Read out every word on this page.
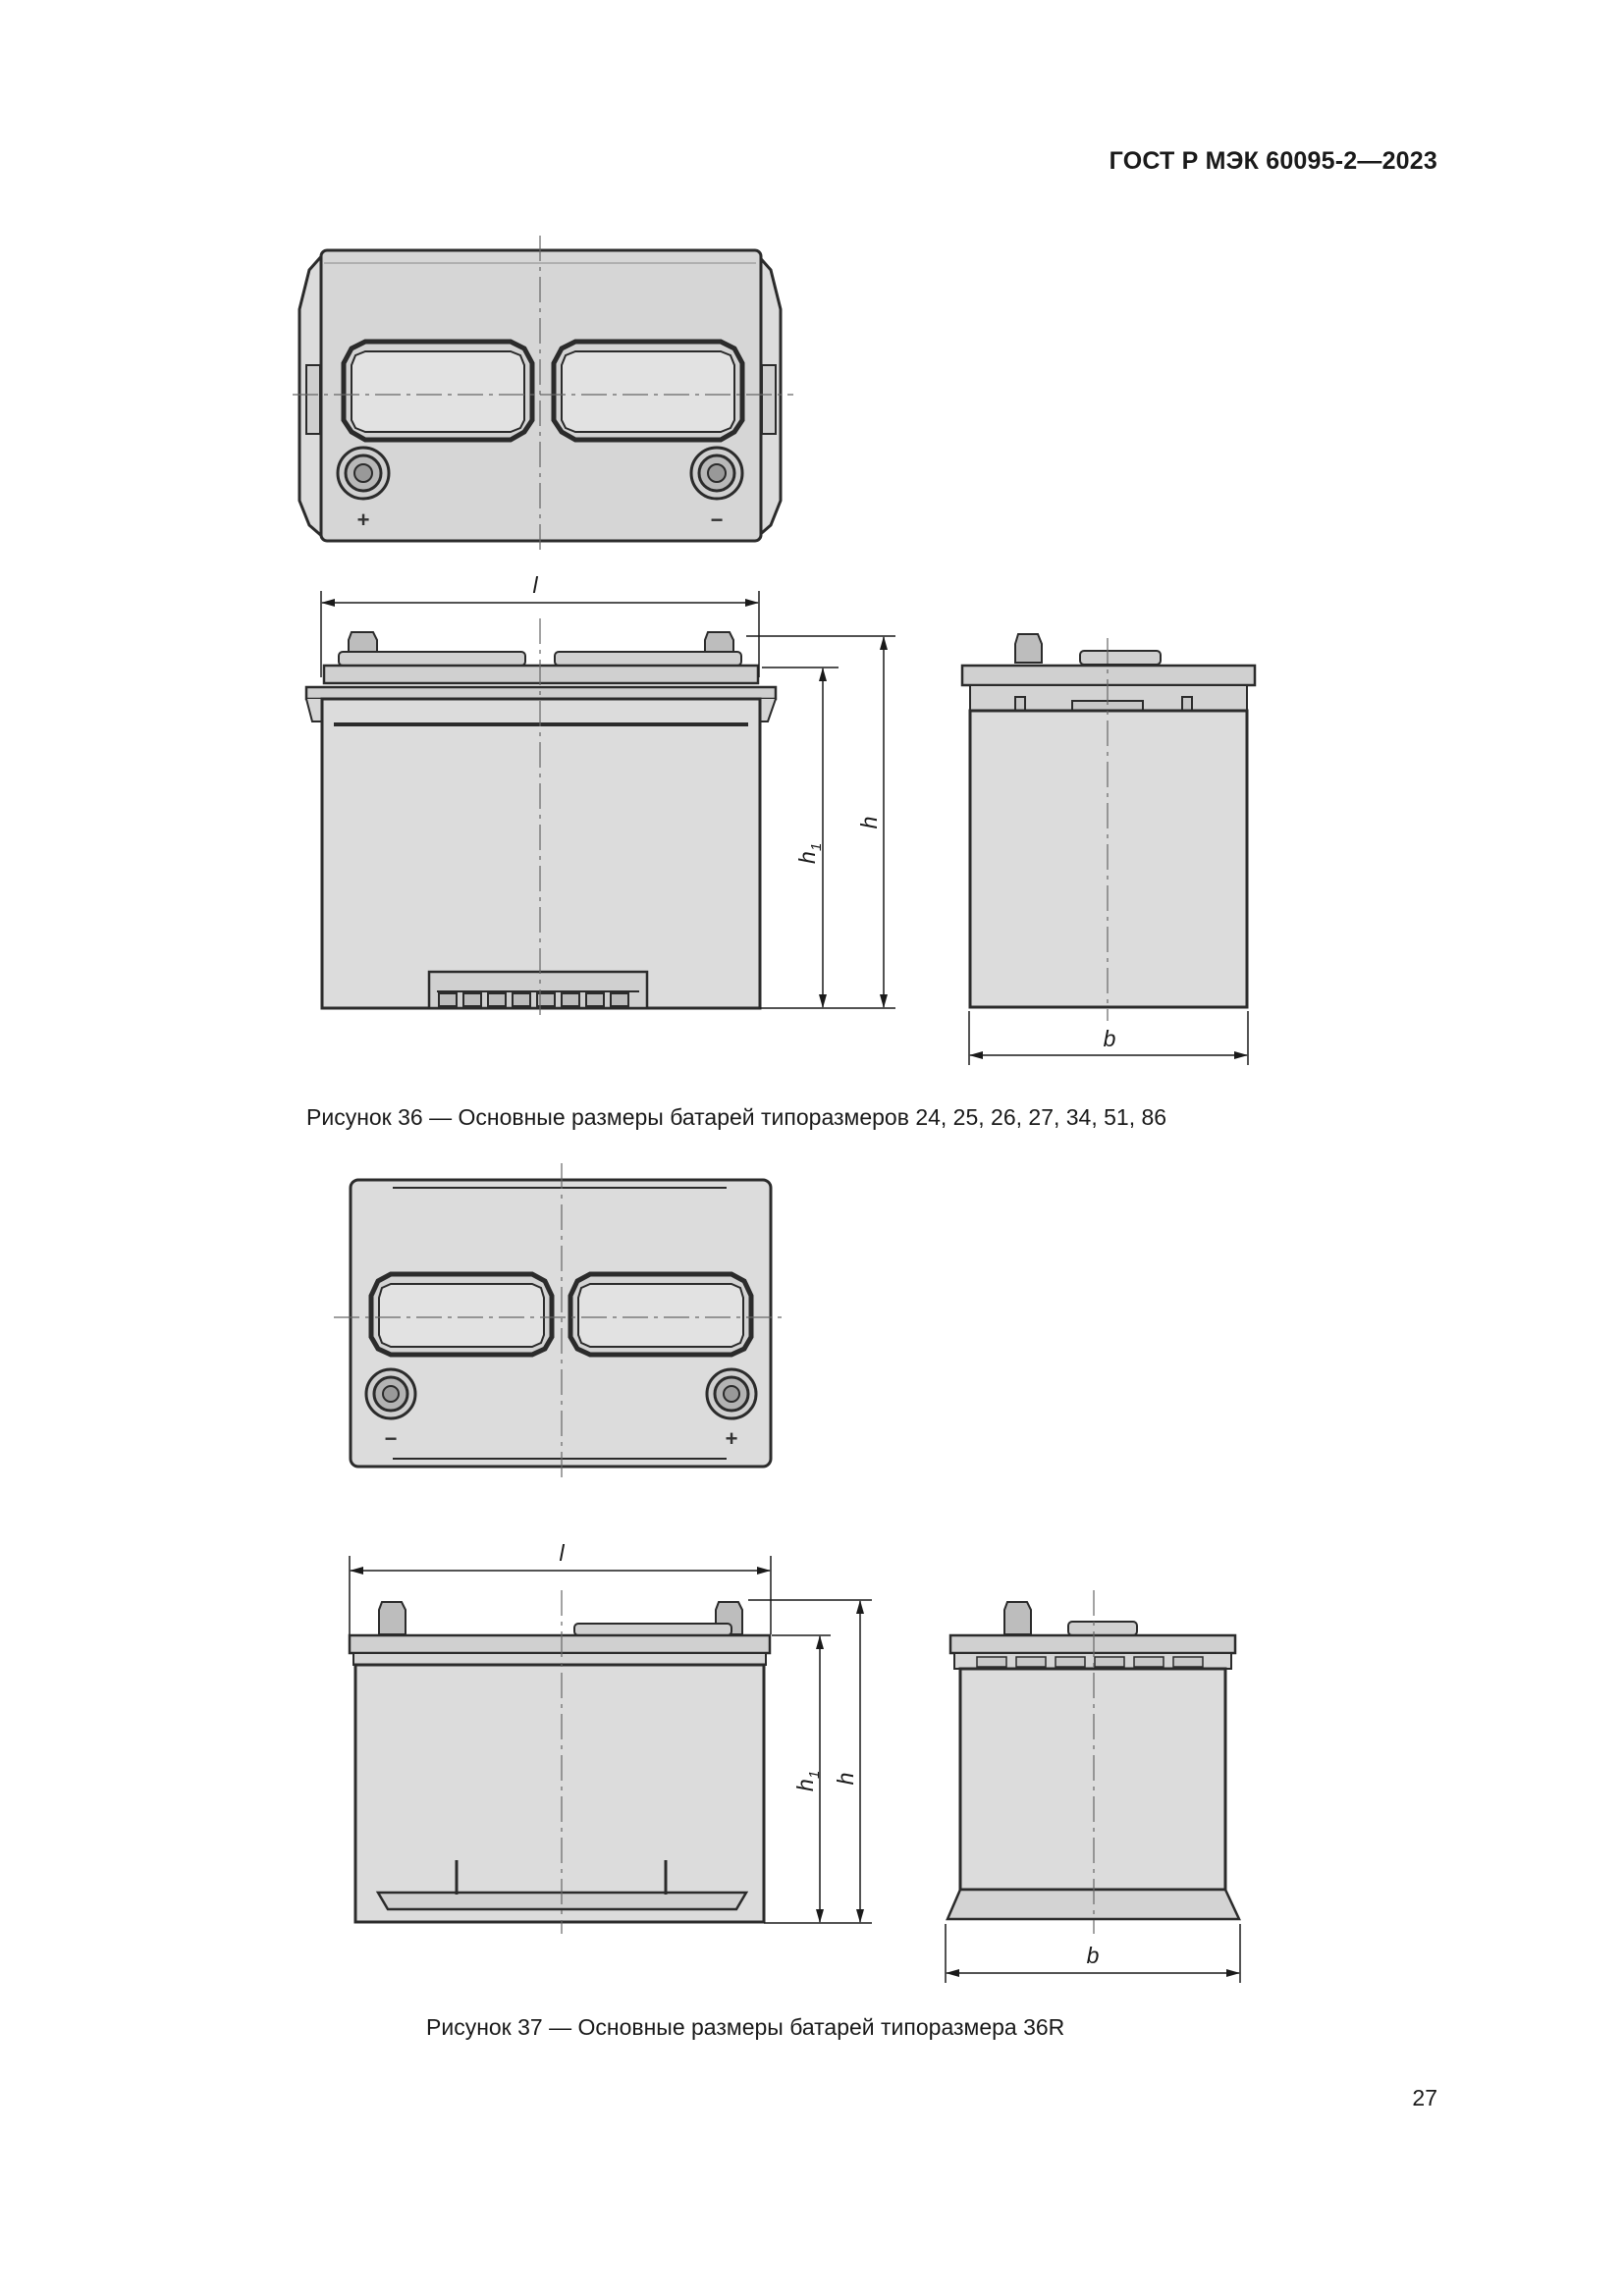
ГОСТ Р МЭК 60095-2—2023
+	−
l
h
h
1
b
−	+
l
h
h
1
b
Рисунок 36 — Основные размеры батарей типоразмеров 24, 25, 26, 27, 34, 51, 86
Рисунок 37 — Основные размеры батарей типоразмера 36R
27
